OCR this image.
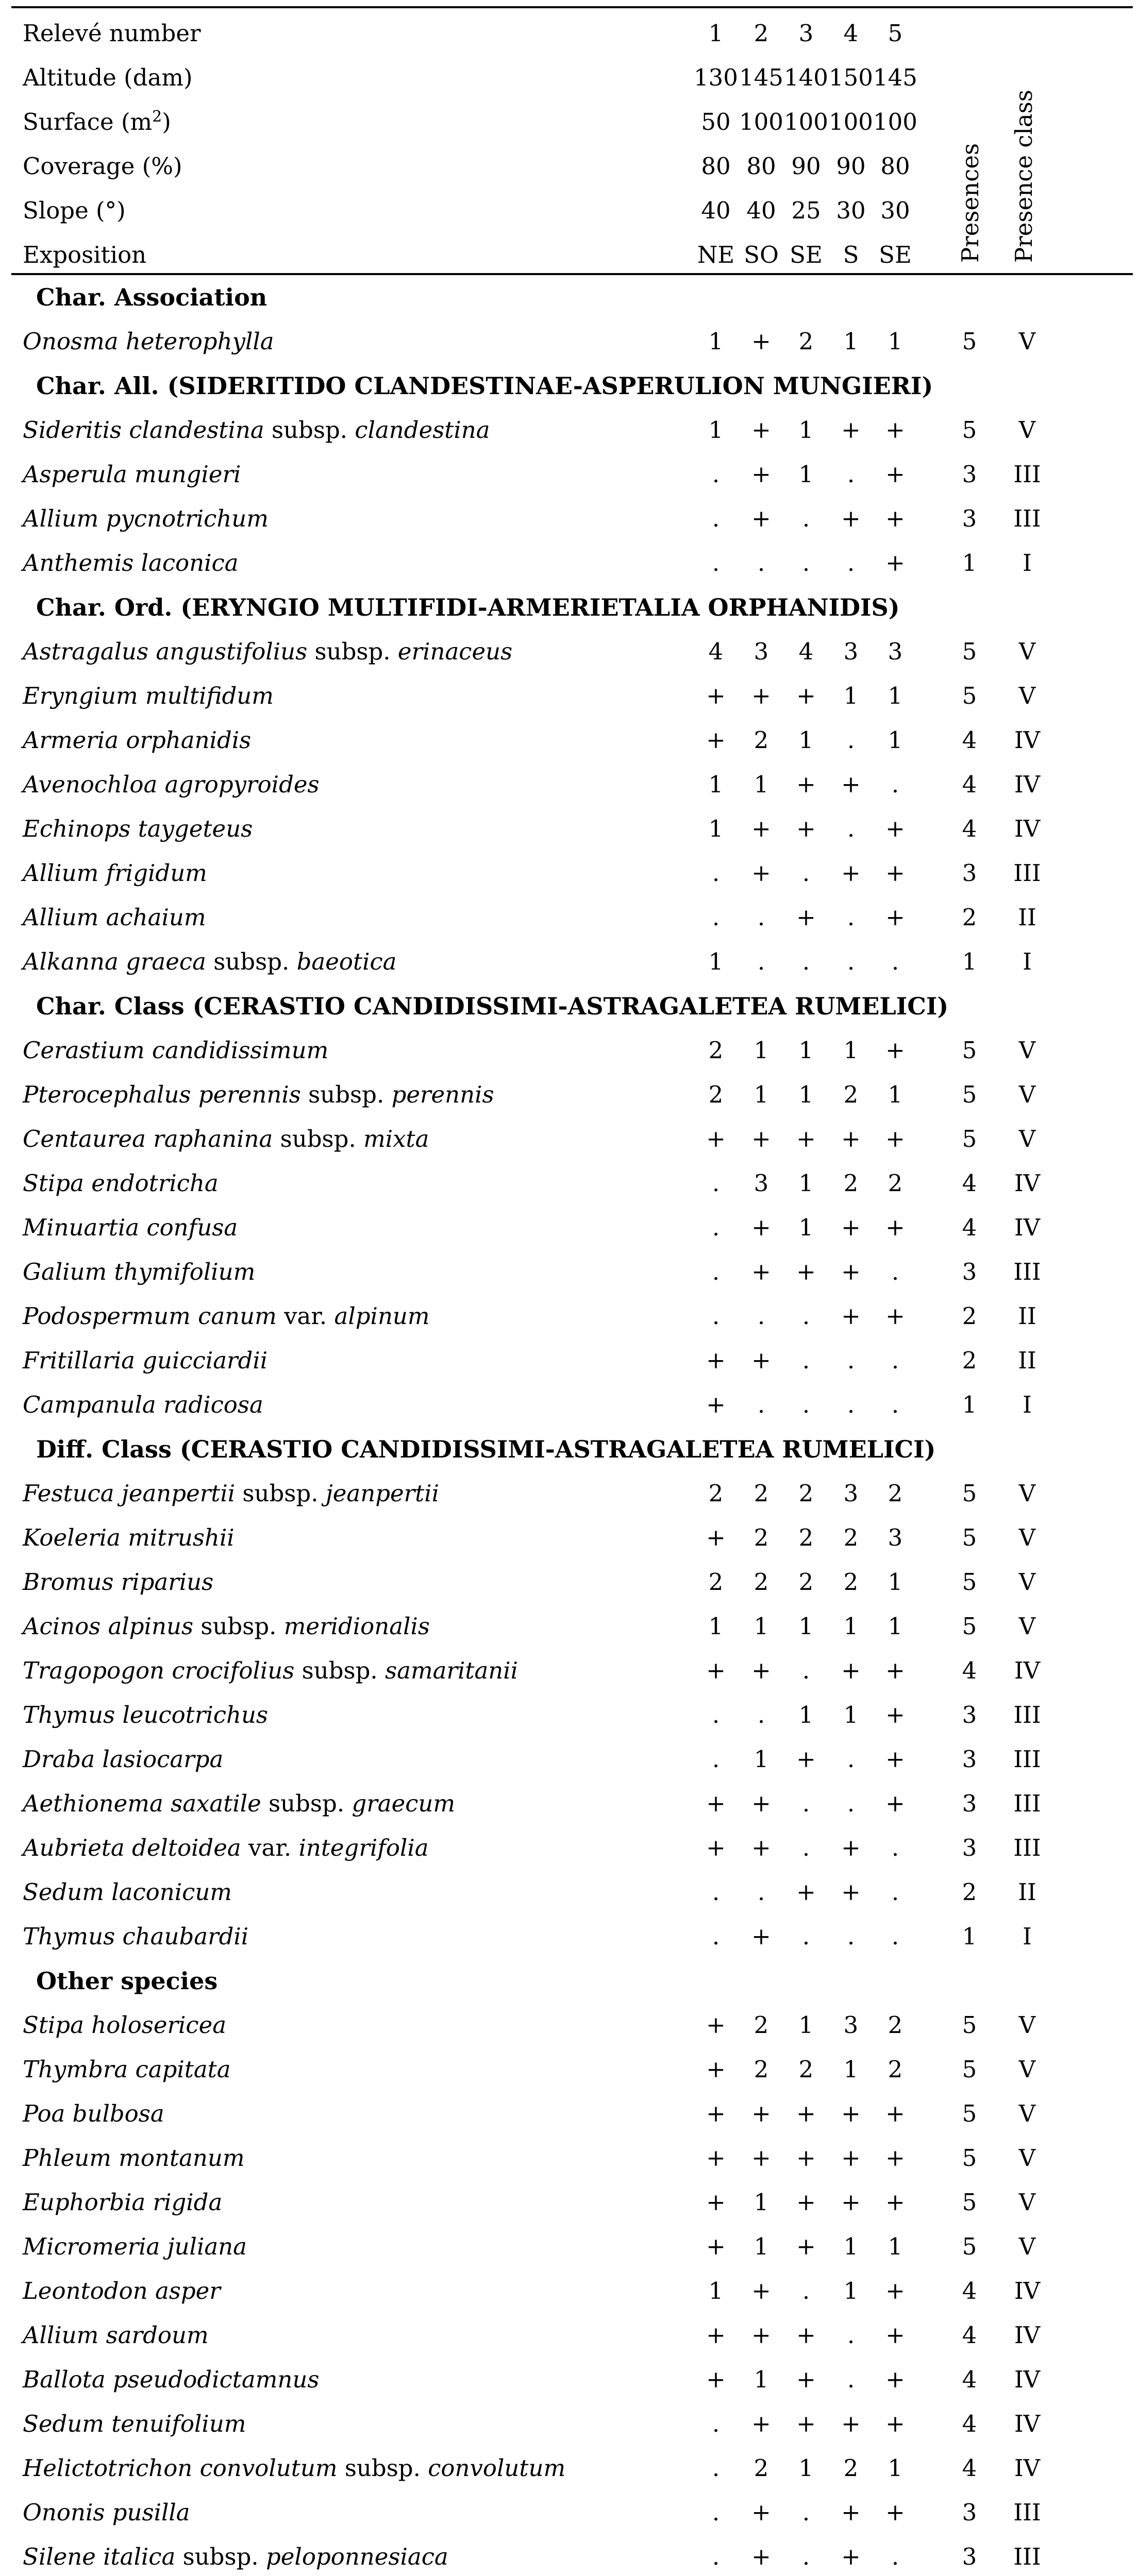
Relevé number	1	2	3	4	5
Altitude (dam)	130 145 140 150 145
Surface $(m^2)$	50 100 100 100 100
Coverage (%)	80 80 90 90 80
Slope (°)	40 40 25 30 30
Exposition	NE SO SE S SE
Char. Association
Onosma heterophylla	1	+	2	1	1	5	V
Char. All. (SIDERITIDO CLANDESTINAE-ASPERULION MUNGIERI)
Sideritis clandestina subsp. clandestina	1	+	1	+	+	5	V
Asperula mungieri	.	+	1	.	+	3	III
Allium pycnotrichum	.	+	.	+	+	3	III
Anthemis laconica	.	.	.	.	+	1	I
Char. Ord. (ERYNGIO MULTIFIDI-ARMERIETALIA ORPHANIDIS)
Astragalus angustifolius subsp. erinaceus	4	3	4	3	3	5	V
Eryngium multifidum	+	+	+	1	1	5	V
Armeria orphanidis	+	2	1	.	1	4	IV
Avenochloa agropyroides	1	1	+	+	.	4	IV
Echinops taygeteus	1	+	+	.	+	4	IV
Allium frigidum	.	+	.	+	+	3	III
Allium achaium	.	.	+	.	+	2	II
Alkanna graeca subsp. baeotica	1	.	.	.	.	1	I
Char. Class (CERASTIO CANDIDISSIMI-ASTRAGALETEA RUMELICI)
Cerastium candidissimum	2	1	1	1	+	5	V
Pterocephalus perennis subsp. perennis	2	1	1	2	1	5	V
Centaurea raphanina subsp. mixta	+	+	+	+	+	5	V
Stipa endotricha	.	3	1	2	2	4	IV
Minuartia confusa	.	+	1	+	+	4	IV
Galium thymifolium	.	+	+	+	.	3	III
Podospermum canum var. alpinum	.	.	.	+	+	2	II
Fritillaria guicciardii	+	+	.	.	.	2	II
Campanula radicosa	+	.	.	.	.	1	I
Diff. Class (CERASTIO CANDIDISSIMI-ASTRAGALETEA RUMELICI)
Festuca jeanpertii subsp. jeanpertii	2	2	2	3	2	5	V
Koeleria mitrushii	+	2	2	2	3	5	V
Bromus riparius	2	2	2	2	1	5	V
Acinos alpinus subsp. meridionalis	1	1	1	1	1	5	V
Tragopogon crocifolius subsp. samaritanii	+	+	.	+	+	4	IV
Thymus leucotrichus	.	.	1	1	+	3	III
Draba lasiocarpa	.	1	+	.	+	3	III
Aethionema saxatile subsp. graecum	+	+	.	.	+	3	III
Aubrieta deltoidea var. integrifolia	+	+	.	+	.	3	III
Sedum laconicum	.	.	+	+	.	2	II
Thymus chaubardii	.	+	.	.	.	1	I
Other species
Stipa holosericea	+	2	1	3	2	5	V
Thymbra capitata	+	2	2	1	2	5	V
Poa bulbosa	+	+	+	+	+	5	V
Phleum montanum	+	+	+	+	+	5	V
Euphorbia rigida	+	1	+	+	+	5	V
Micromeria juliana	+	1	+	1	1	5	V
Leontodon asper	1	+	.	1	+	4	IV
Allium sardoum	+	+	+	.	+	4	IV
Ballota pseudodictamnus	+	1	+	.	+	4	IV
Sedum tenuifolium	.	+	+	+	+	4	IV
Helictotrichon convolutum subsp. convolutum	.	2	1	2	1	4	IV
Ononis pusilla	.	+	.	+	+	3	III
Silene italica subsp. peloponnesiaca	.	+	.	+	.	3	III
Presences Presence class
